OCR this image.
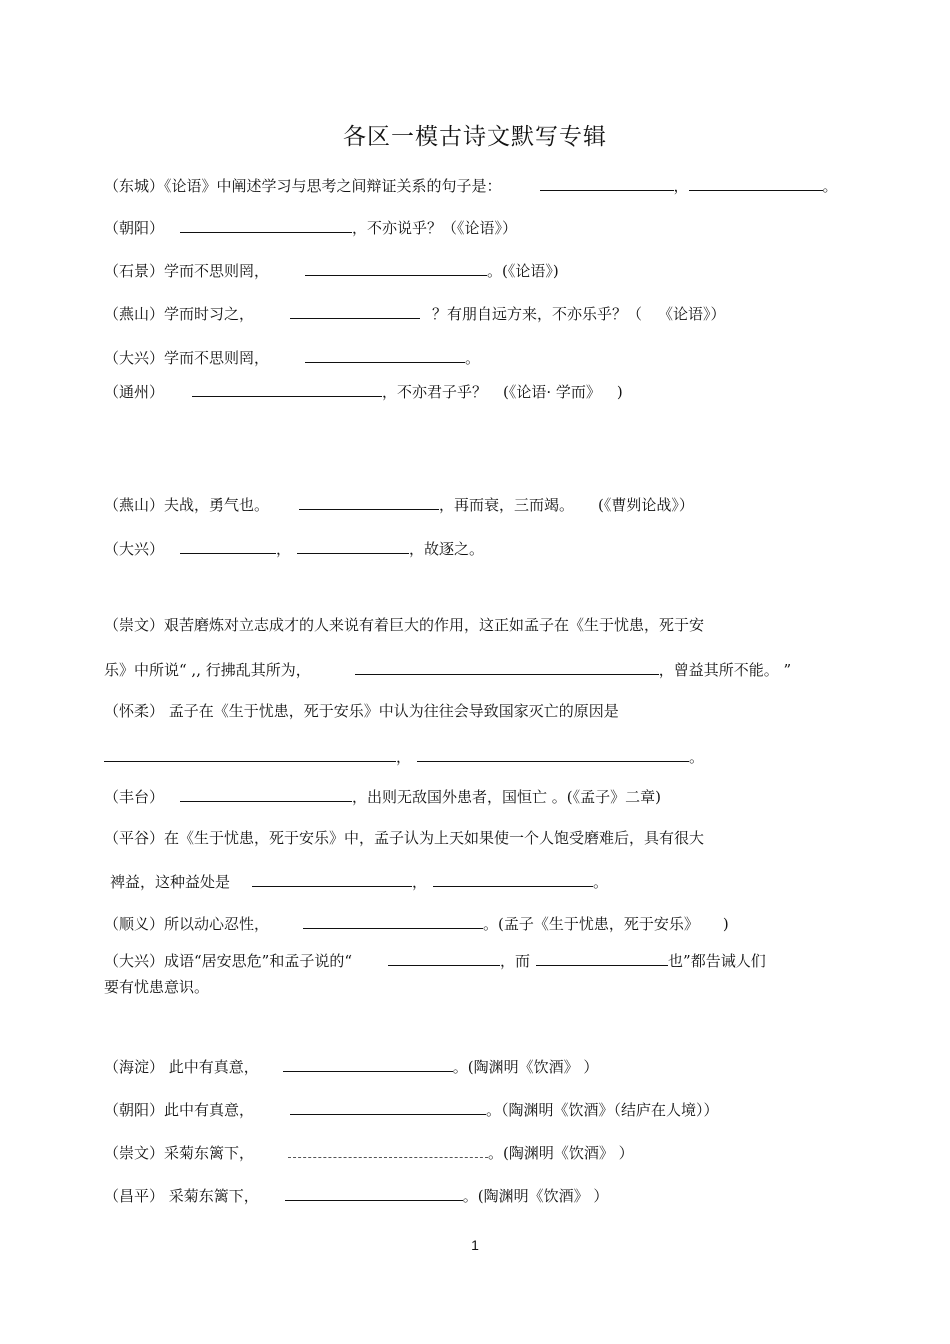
各区一模古诗文默写专辑
（东城）《论语》中阐述学习与思考之间辩证关系的句子是：	，	。
（朝阳）	，不亦说乎？（《论语》）
（石景）学而不思则罔，	。(《论语》)
（燕山）学而时习之，	？有朋自远方来，不亦乐乎？（ 《论语》）
（大兴）学而不思则罔，	。
（通州）	，不亦君子乎？ (《论语· 学而》 )
（燕山）夫战，勇气也。	，再而衰，三而竭。 (《曹刿论战》）
（大兴）	，	，故逐之。
（崇文）艰苦磨炼对立志成才的人来说有着巨大的作用，这正如孟子在《生于忧患，死于安
乐》中所说“ ,, 行拂乱其所为，	，曾益其所不能。 ”
（怀柔） 孟子在《生于忧患，死于安乐》中认为往往会导致国家灭亡的原因是
，	。
（丰台）	，出则无敌国外患者，国恒亡 。(《孟子》二章)
（平谷）在《生于忧患，死于安乐》中，孟子认为上天如果使一个人饱受磨难后，具有很大
裨益，这种益处是	，	。
（顺义）所以动心忍性，	。(孟子《生于忧患，死于安乐》 )
（大兴）成语“居安思危”和孟子说的“	，而	也”都告诫人们
要有忧患意识。
（海淀） 此中有真意，	。(陶渊明《饮酒》 ）
（朝阳）此中有真意，	。（陶渊明《饮酒》（结庐在人境））
（崇文）采菊东篱下，	。(陶渊明《饮酒》 ）
（昌平） 采菊东篱下，	。(陶渊明《饮酒》 ）
1
